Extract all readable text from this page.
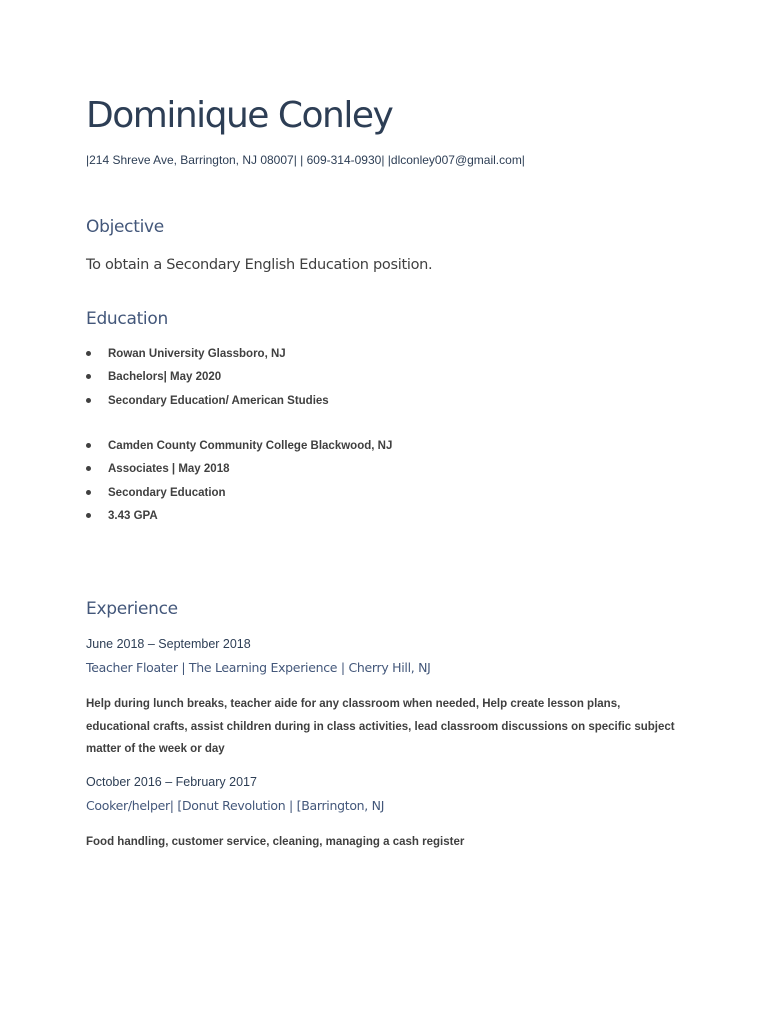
Dominique Conley
|214 Shreve Ave, Barrington, NJ 08007| | 609-314-0930| |dlconley007@gmail.com|
Objective
To obtain a Secondary English Education position.
Education
Rowan University Glassboro, NJ
Bachelors| May 2020
Secondary Education/ American Studies
Camden County Community College Blackwood, NJ
Associates | May 2018
Secondary Education
3.43 GPA
Experience
June 2018 – September 2018
Teacher Floater | The Learning Experience | Cherry Hill, NJ

Help during lunch breaks, teacher aide for any classroom when needed, Help create lesson plans, educational crafts, assist children during in class activities, lead classroom discussions on specific subject matter of the week or day

October 2016 – February 2017
Cooker/helper| [Donut Revolution | [Barrington, NJ

Food handling, customer service, cleaning, managing a cash register
